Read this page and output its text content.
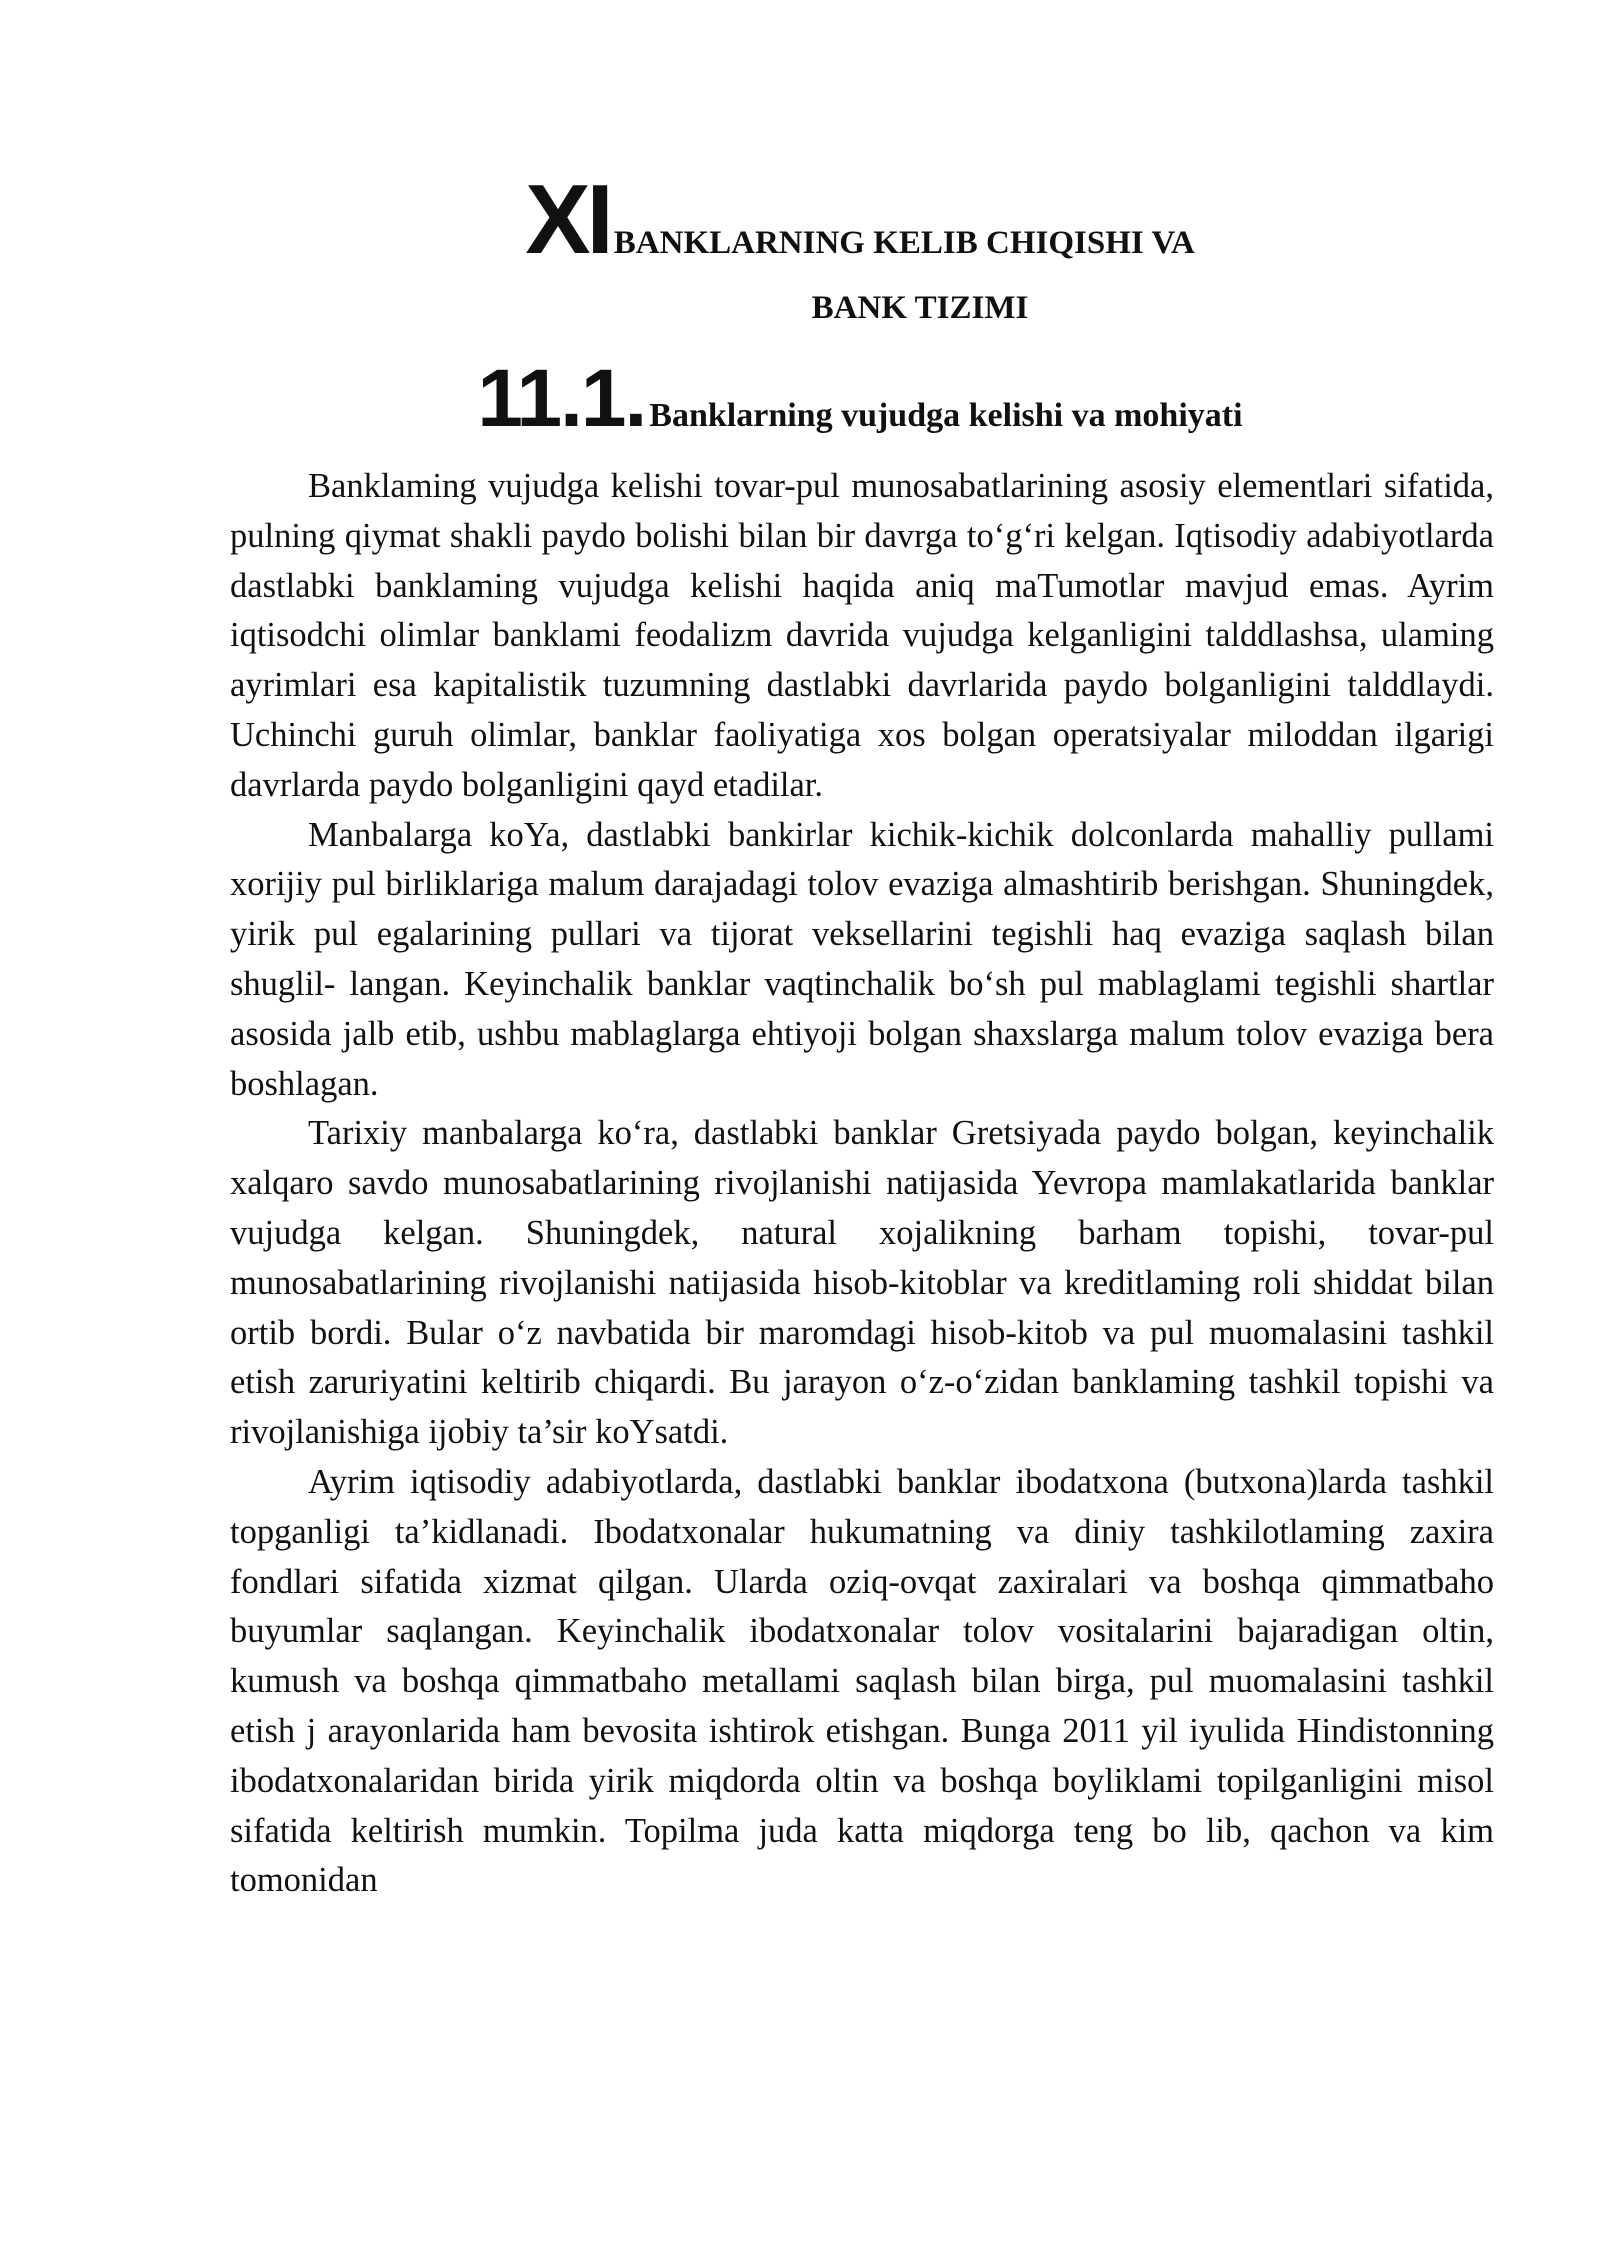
XI BANKLARNING KELIB CHIQISHI VA
BANK TIZIMI
11.1. Banklarning vujudga kelishi va mohiyati

Banklaming vujudga kelishi tovar-pul munosabatlarining asosiy elementlari sifatida, pulning qiymat shakli paydo bolishi bilan bir davrga to‘g‘ri kelgan. Iqtisodiy adabiyotlarda dastlabki banklaming vujudga kelishi haqida aniq maTumotlar mavjud emas. Ayrim iqtisodchi olimlar banklami feodalizm davrida vujudga kelganligini talddlashsa, ulaming ayrimlari esa kapitalistik tuzumning dastlabki davrlarida paydo bolganligini talddlaydi. Uchinchi guruh olimlar, banklar faoliyatiga xos bolgan operatsiyalar miloddan ilgarigi davrlarda paydo bolganligini qayd etadilar.

Manbalarga koYa, dastlabki bankirlar kichik-kichik dolconlarda mahalliy pullami xorijiy pul birliklariga malum darajadagi tolov evaziga almashtirib berishgan. Shuningdek, yirik pul egalarining pullari va tijorat veksellarini tegishli haq evaziga saqlash bilan shuglil- langan. Keyinchalik banklar vaqtinchalik bo‘sh pul mablaglami tegishli shartlar asosida jalb etib, ushbu mablaglarga ehtiyoji bolgan shaxslarga malum tolov evaziga bera boshlagan.

Tarixiy manbalarga ko‘ra, dastlabki banklar Gretsiyada paydo bolgan, keyinchalik xalqaro savdo munosabatlarining rivojlanishi natijasida Yevropa mamlakatlarida banklar vujudga kelgan. Shuningdek, natural xojalikning barham topishi, tovar-pul munosabatlarining rivojlanishi natijasida hisob-kitoblar va kreditlaming roli shiddat bilan ortib bordi. Bular o‘z navbatida bir maromdagi hisob-kitob va pul muomalasini tashkil etish zaruriyatini keltirib chiqardi. Bu jarayon o‘z-o‘zidan banklaming tashkil topishi va rivojlanishiga ijobiy ta’sir koYsatdi.

Ayrim iqtisodiy adabiyotlarda, dastlabki banklar ibodatxona (butxona)larda tashkil topganligi ta’kidlanadi. Ibodatxonalar hukumatning va diniy tashkilotlaming zaxira fondlari sifatida xizmat qilgan. Ularda oziq-ovqat zaxiralari va boshqa qimmatbaho buyumlar saqlangan. Keyinchalik ibodatxonalar tolov vositalarini bajaradigan oltin, kumush va boshqa qimmatbaho metallami saqlash bilan birga, pul muomalasini tashkil etish j arayonlarida ham bevosita ishtirok etishgan. Bunga 2011 yil iyulida Hindistonning ibodatxonalaridan birida yirik miqdorda oltin va boshqa boyliklami topilganligini misol sifatida keltirish mumkin. Topilma juda katta miqdorga teng bo lib, qachon va kim tomonidan
